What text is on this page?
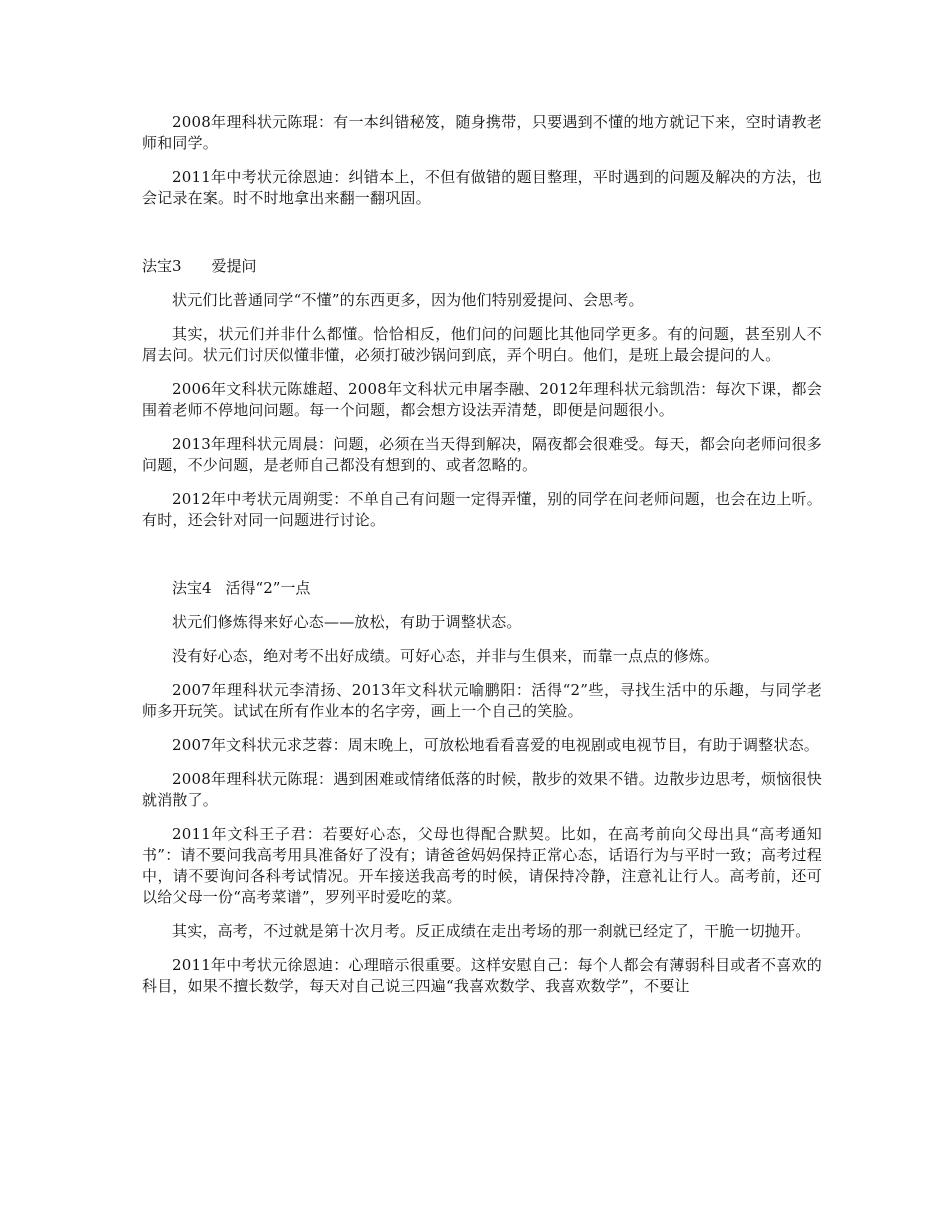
2008年理科状元陈琨：有一本纠错秘笈，随身携带，只要遇到不懂的地方就记下来，空时请教老师和同学。

2011年中考状元徐恩迪：纠错本上，不但有做错的题目整理，平时遇到的问题及解决的方法，也会记录在案。时不时地拿出来翻一翻巩固。

法宝3 爱提问

状元们比普通同学“不懂”的东西更多，因为他们特别爱提问、会思考。

其实，状元们并非什么都懂。恰恰相反，他们问的问题比其他同学更多。有的问题，甚至别人不屑去问。状元们讨厌似懂非懂，必须打破沙锅问到底，弄个明白。他们，是班上最会提问的人。

2006年文科状元陈雄超、2008年文科状元申屠李融、2012年理科状元翁凯浩：每次下课，都会围着老师不停地问问题。每一个问题，都会想方设法弄清楚，即便是问题很小。

2013年理科状元周晨：问题，必须在当天得到解决，隔夜都会很难受。每天，都会向老师问很多问题，不少问题，是老师自己都没有想到的、或者忽略的。

2012年中考状元周朔雯：不单自己有问题一定得弄懂，别的同学在问老师问题，也会在边上听。有时，还会针对同一问题进行讨论。

法宝4 活得“2”一点

状元们修炼得来好心态——放松，有助于调整状态。

没有好心态，绝对考不出好成绩。可好心态，并非与生俱来，而靠一点点的修炼。

2007年理科状元李清扬、2013年文科状元喻鹏阳：活得“2”些，寻找生活中的乐趣，与同学老师多开玩笑。试试在所有作业本的名字旁，画上一个自己的笑脸。

2007年文科状元求芝蓉：周末晚上，可放松地看看喜爱的电视剧或电视节目，有助于调整状态。

2008年理科状元陈琨：遇到困难或情绪低落的时候，散步的效果不错。边散步边思考，烦恼很快就消散了。

2011年文科王子君：若要好心态，父母也得配合默契。比如，在高考前向父母出具“高考通知书”：请不要问我高考用具准备好了没有；请爸爸妈妈保持正常心态，话语行为与平时一致；高考过程中，请不要询问各科考试情况。开车接送我高考的时候，请保持冷静，注意礼让行人。高考前，还可以给父母一份“高考菜谱”，罗列平时爱吃的菜。

其实，高考，不过就是第十次月考。反正成绩在走出考场的那一刹就已经定了，干脆一切抛开。

2011年中考状元徐恩迪：心理暗示很重要。这样安慰自己：每个人都会有薄弱科目或者不喜欢的科目，如果不擅长数学，每天对自己说三四遍“我喜欢数学、我喜欢数学”，不要让
